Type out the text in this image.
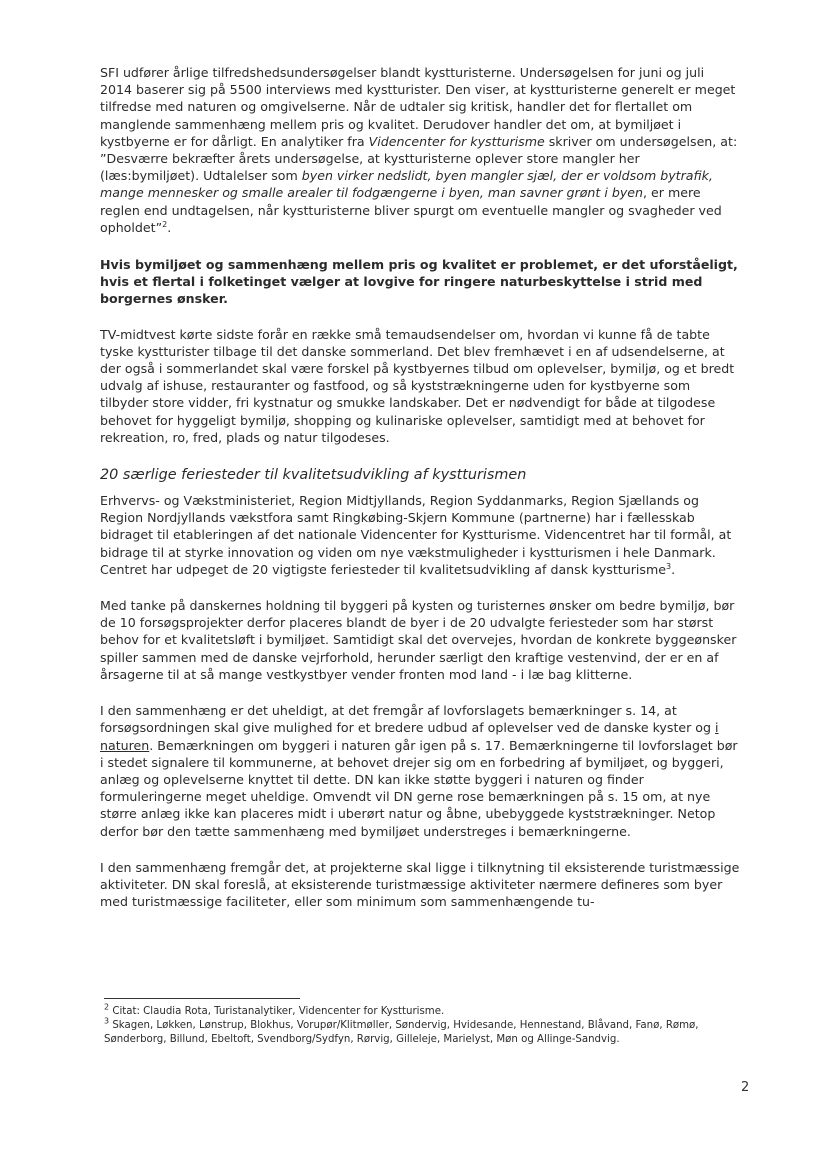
SFI udfører årlige tilfredshedsundersøgelser blandt kystturisterne. Undersøgelsen for juni og juli 2014 baserer sig på 5500 interviews med kystturister. Den viser, at kystturisterne generelt er meget tilfredse med naturen og omgivelserne. Når de udtaler sig kritisk, handler det for flertallet om manglende sammenhæng mellem pris og kvalitet. Derudover handler det om, at bymiljøet i kystbyerne er for dårligt. En analytiker fra Videncenter for kystturisme skriver om undersøgelsen, at: ”Desværre bekræfter årets undersøgelse, at kystturisterne oplever store mangler her (læs:bymiljøet). Udtalelser som byen virker nedslidt, byen mangler sjæl, der er voldsom bytrafik, mange mennesker og smalle arealer til fodgængerne i byen, man savner grønt i byen, er mere reglen end undtagelsen, når kystturisterne bliver spurgt om eventuelle mangler og svagheder ved opholdet”$^2$.

Hvis bymiljøet og sammenhæng mellem pris og kvalitet er problemet, er det uforståeligt, hvis et flertal i folketinget vælger at lovgive for ringere naturbeskyttelse i strid med borgernes ønsker.

TV-midtvest kørte sidste forår en række små temaudsendelser om, hvordan vi kunne få de tabte tyske kystturister tilbage til det danske sommerland. Det blev fremhævet i en af udsendelserne, at der også i sommerlandet skal være forskel på kystbyernes tilbud om oplevelser, bymiljø, og et bredt udvalg af ishuse, restauranter og fastfood, og så kyststrækningerne uden for kystbyerne som tilbyder store vidder, fri kystnatur og smukke landskaber. Det er nødvendigt for både at tilgodese behovet for hyggeligt bymiljø, shopping og kulinariske oplevelser, samtidigt med at behovet for rekreation, ro, fred, plads og natur tilgodeses.

20 særlige feriesteder til kvalitetsudvikling af kystturismen

Erhvervs- og Vækstministeriet, Region Midtjyllands, Region Syddanmarks, Region Sjællands og Region Nordjyllands vækstfora samt Ringkøbing-Skjern Kommune (partnerne) har i fællesskab bidraget til etableringen af det nationale Videncenter for Kystturisme. Videncentret har til formål, at bidrage til at styrke innovation og viden om nye vækstmuligheder i kystturismen i hele Danmark. Centret har udpeget de 20 vigtigste feriesteder til kvalitetsudvikling af dansk kystturisme$^3$.

Med tanke på danskernes holdning til byggeri på kysten og turisternes ønsker om bedre bymiljø, bør de 10 forsøgsprojekter derfor placeres blandt de byer i de 20 udvalgte feriesteder som har størst behov for et kvalitetsløft i bymiljøet. Samtidigt skal det overvejes, hvordan de konkrete byggeønsker spiller sammen med de danske vejrforhold, herunder særligt den kraftige vestenvind, der er en af årsagerne til at så mange vestkystbyer vender fronten mod land - i læ bag klitterne.

I den sammenhæng er det uheldigt, at det fremgår af lovforslagets bemærkninger s. 14, at forsøgsordningen skal give mulighed for et bredere udbud af oplevelser ved de danske kyster og i naturen. Bemærkningen om byggeri i naturen går igen på s. 17. Bemærkningerne til lovforslaget bør i stedet signalere til kommunerne, at behovet drejer sig om en forbedring af bymiljøet, og byggeri, anlæg og oplevelserne knyttet til dette. DN kan ikke støtte byggeri i naturen og finder formuleringerne meget uheldige. Omvendt vil DN gerne rose bemærkningen på s. 15 om, at nye større anlæg ikke kan placeres midt i uberørt natur og åbne, ubebyggede kyststrækninger. Netop derfor bør den tætte sammenhæng med bymiljøet understreges i bemærkningerne.

I den sammenhæng fremgår det, at projekterne skal ligge i tilknytning til eksisterende turistmæssige aktiviteter. DN skal foreslå, at eksisterende turistmæssige aktiviteter nærmere defineres som byer med turistmæssige faciliteter, eller som minimum som sammenhængende tu-

$^2$ Citat: Claudia Rota, Turistanalytiker, Videncenter for Kystturisme.

$^3$ Skagen, Løkken, Lønstrup, Blokhus, Vorupør/Klitmøller, Søndervig, Hvidesande, Hennestand, Blåvand, Fanø, Rømø, Sønderborg, Billund, Ebeltoft, Svendborg/Sydfyn, Rørvig, Gilleleje, Marielyst, Møn og Allinge-Sandvig.

2
